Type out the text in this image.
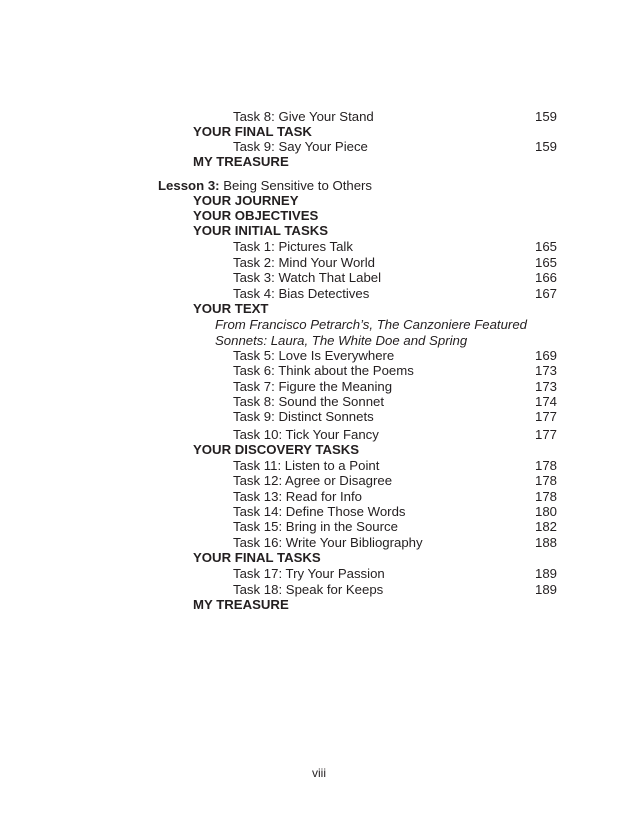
Task 8: Give Your Stand	159
YOUR FINAL TASK
Task 9: Say Your Piece	159
MY TREASURE
Lesson 3: Being Sensitive to Others
YOUR JOURNEY
YOUR OBJECTIVES
YOUR INITIAL TASKS
Task 1: Pictures Talk	165
Task 2: Mind Your World	165
Task 3: Watch That Label	166
Task 4: Bias Detectives	167
YOUR TEXT
From Francisco Petrarch’s, The Canzoniere Featured
Sonnets: Laura, The White Doe and Spring
Task 5: Love Is Everywhere	169
Task 6: Think about the Poems	173
Task 7: Figure the Meaning	173
Task 8: Sound the Sonnet	174
Task 9: Distinct Sonnets	177
Task 10: Tick Your Fancy	177
YOUR DISCOVERY TASKS
Task 11: Listen to a Point	178
Task 12: Agree or Disagree	178
Task 13: Read for Info	178
Task 14: Define Those Words	180
Task 15: Bring in the Source	182
Task 16: Write Your Bibliography	188
YOUR FINAL TASKS
Task 17: Try Your Passion	189
Task 18: Speak for Keeps	189
MY TREASURE
viii
